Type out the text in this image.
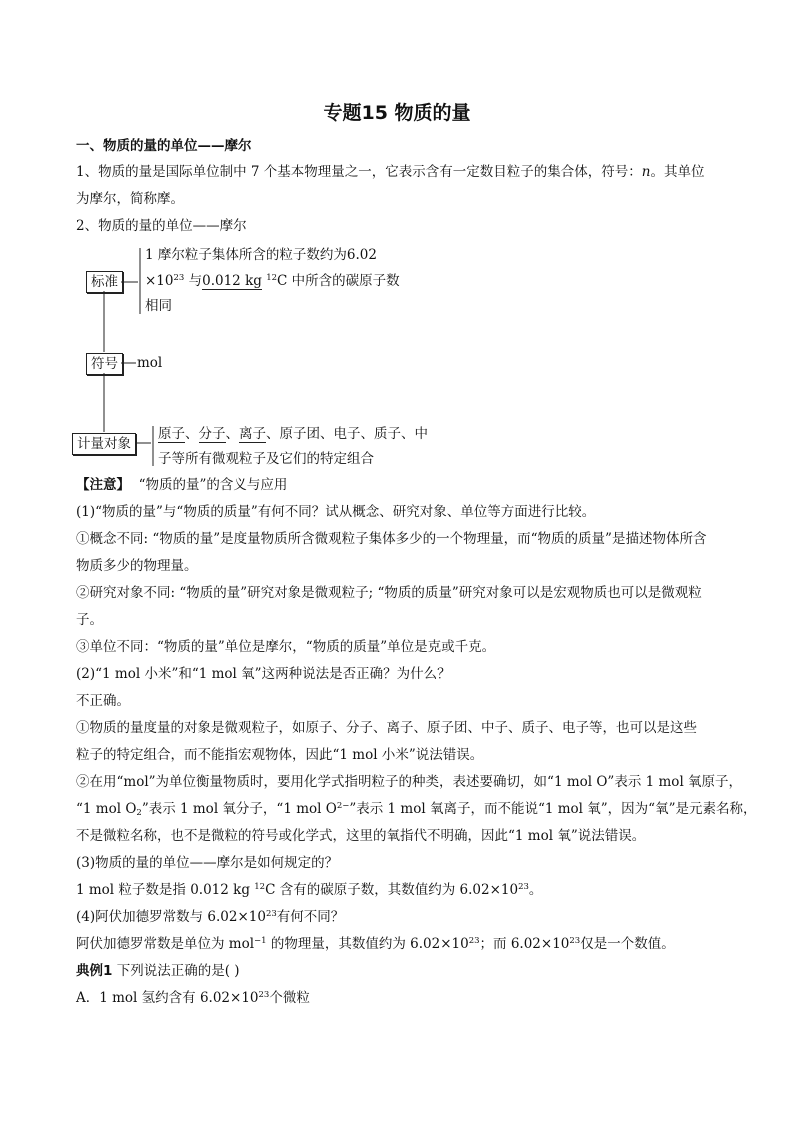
专题15 物质的量
一、物质的量的单位——摩尔
1、物质的量是国际单位制中 7 个基本物理量之一，它表示含有一定数目粒子的集合体，符号：n。其单位
为摩尔，简称摩。
2、物质的量的单位——摩尔
标准
1 摩尔粒子集体所含的粒子数约为6.02
$\times 10^{23}$ 与0.012 kg $^{12}$C 中所含的碳原子数
相同
符号	mol
计量对象
原子、分子、离子、原子团、电子、质子、中
子等所有微观粒子及它们的特定组合
【注意】 “物质的量”的含义与应用
(1)“物质的量”与“物质的质量”有何不同？试从概念、研究对象、单位等方面进行比较。
①概念不同: “物质的量”是度量物质所含微观粒子集体多少的一个物理量，而“物质的质量”是描述物体所含
物质多少的物理量。
②研究对象不同: “物质的量”研究对象是微观粒子; “物质的质量”研究对象可以是宏观物质也可以是微观粒
子。
③单位不同：“物质的量”单位是摩尔，“物质的质量”单位是克或千克。
(2)“1 mol 小米”和“1 mol 氧”这两种说法是否正确？为什么？
不正确。
①物质的量度量的对象是微观粒子，如原子、分子、离子、原子团、中子、质子、电子等，也可以是这些
粒子的特定组合，而不能指宏观物体，因此“1 mol 小米”说法错误。
②在用“mol”为单位衡量物质时，要用化学式指明粒子的种类，表述要确切，如“1 mol O”表示 1 mol 氧原子，
“1 mol $O_2$”表示 1 mol 氧分子，“1 mol $O^{2-}$”表示 1 mol 氧离子，而不能说“1 mol 氧”，因为“氧”是元素名称，
不是微粒名称，也不是微粒的符号或化学式，这里的氧指代不明确，因此“1 mol 氧”说法错误。
(3)物质的量的单位——摩尔是如何规定的？
1 mol 粒子数是指 0.012 kg $^{12}$C 含有的碳原子数，其数值约为 $6.02\times 10^{23}$。
(4)阿伏加德罗常数与 $6.02\times 10^{23}$有何不同？
阿伏加德罗常数是单位为 mol$^{-1}$ 的物理量，其数值约为 $6.02\times 10^{23}$；而 $6.02\times 10^{23}$仅是一个数值。
典例1 下列说法正确的是( )
A．1 mol 氢约含有 $6.02\times 10^{23}$个微粒
